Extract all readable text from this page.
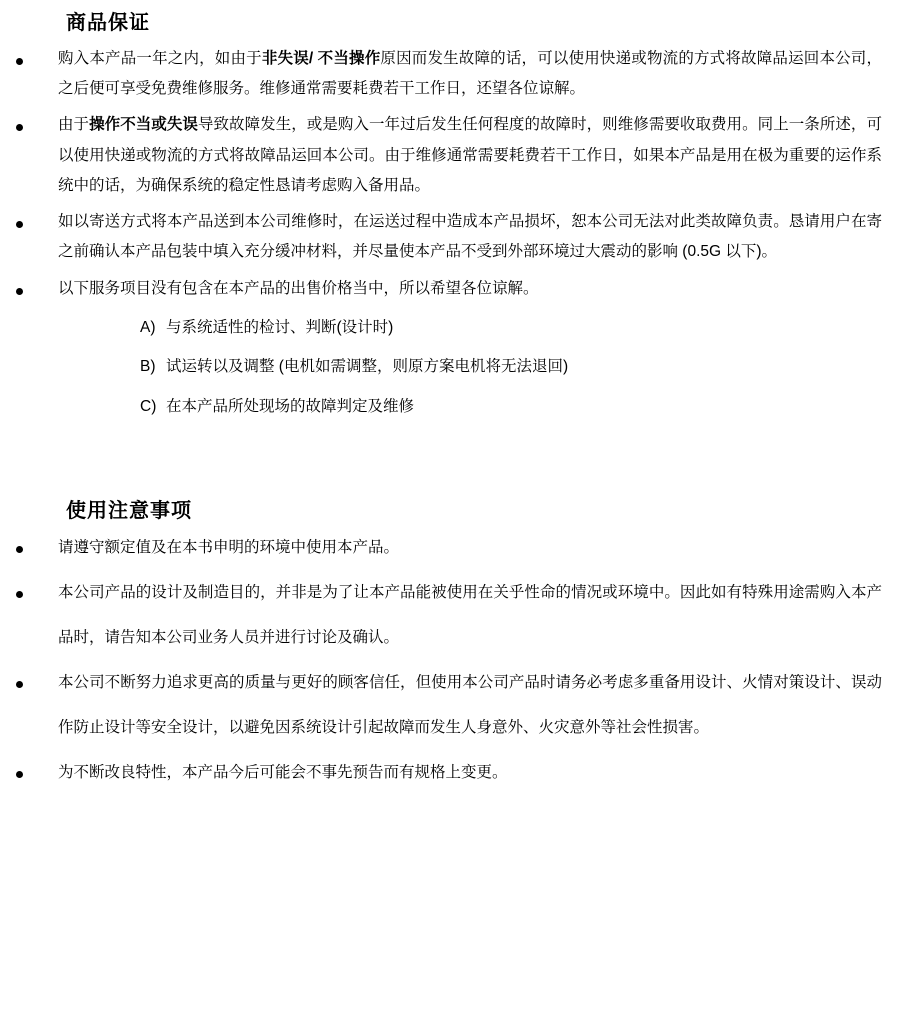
商品保证
购入本产品一年之内，如由于非失误/ 不当操作原因而发生故障的话，可以使用快递或物流的方式将故障品运回本公司，之后便可享受免费维修服务。维修通常需要耗费若干工作日，还望各位谅解。
由于操作不当或失误导致故障发生，或是购入一年过后发生任何程度的故障时，则维修需要收取费用。同上一条所述，可以使用快递或物流的方式将故障品运回本公司。由于维修通常需要耗费若干工作日，如果本产品是用在极为重要的运作系统中的话，为确保系统的稳定性恳请考虑购入备用品。
如以寄送方式将本产品送到本公司维修时，在运送过程中造成本产品损坏，恕本公司无法对此类故障负责。恳请用户在寄之前确认本产品包装中填入充分缓冲材料，并尽量使本产品不受到外部环境过大震动的影响 (0.5G 以下)。
以下服务项目没有包含在本产品的出售价格当中，所以希望各位谅解。
A) 与系统适性的检讨、判断(设计时)
B) 试运转以及调整 (电机如需调整，则原方案电机将无法退回)
C) 在本产品所处现场的故障判定及维修
使用注意事项
请遵守额定值及在本书申明的环境中使用本产品。
本公司产品的设计及制造目的，并非是为了让本产品能被使用在关乎性命的情况或环境中。因此如有特殊用途需购入本产品时，请告知本公司业务人员并进行讨论及确认。
本公司不断努力追求更高的质量与更好的顾客信任，但使用本公司产品时请务必考虑多重备用设计、火情对策设计、误动作防止设计等安全设计，以避免因系统设计引起故障而发生人身意外、火灾意外等社会性损害。
为不断改良特性，本产品今后可能会不事先预告而有规格上变更。
